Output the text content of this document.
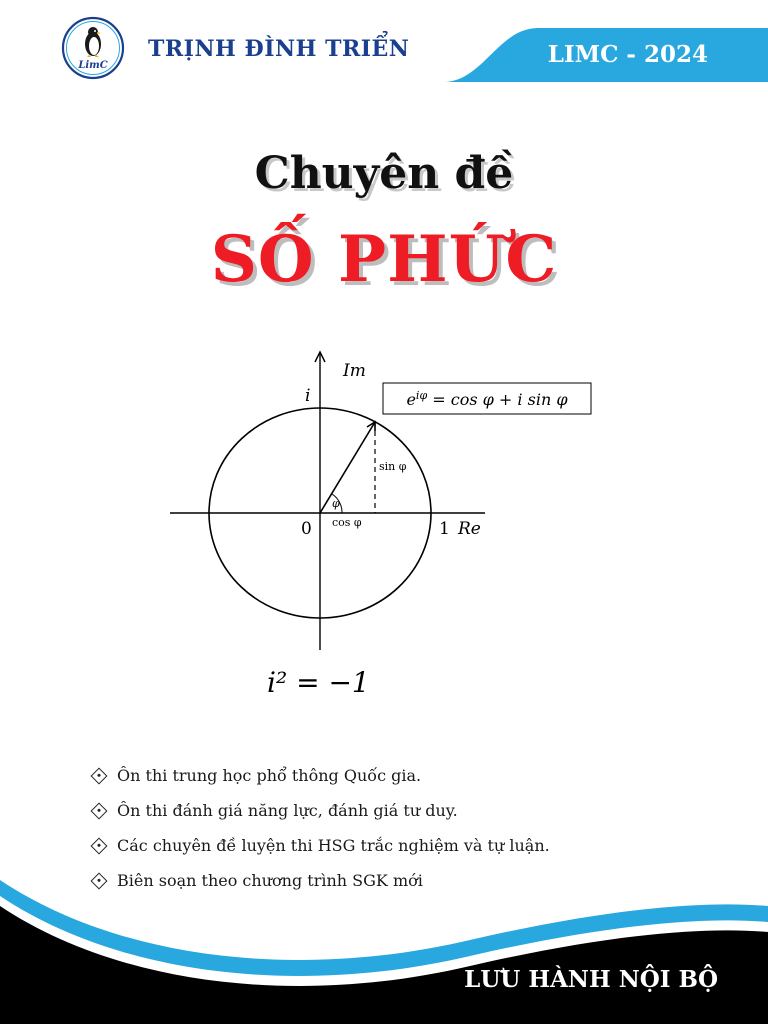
LimC
TRỊNH ĐÌNH TRIỂN	LIMC - 2024
Chuyên đề
SỐ PHỨC
Im
i
0	1 Re
φ
sin φ
cos φ
$e^{i\varphi} = \cos \varphi + i$ sin φ
i² = −1
Ôn thi trung học phổ thông Quốc gia.
Ôn thi đánh giá năng lực, đánh giá tư duy.
Các chuyên đề luyện thi HSG trắc nghiệm và tự luận.
Biên soạn theo chương trình SGK mới
LƯU HÀNH NỘI BỘ
